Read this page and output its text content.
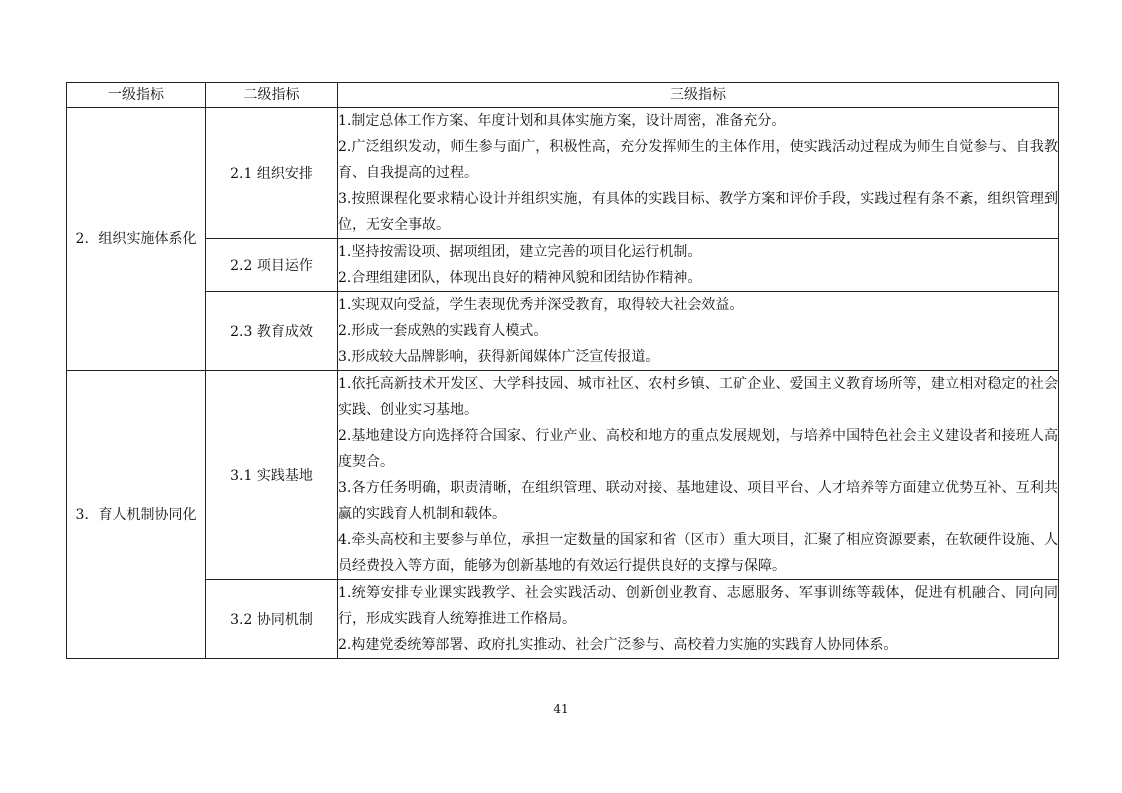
一级指标	二级指标	三级指标
2．组织实施体系化	2.1 组织安排	1.制定总体工作方案、年度计划和具体实施方案，设计周密，准备充分。

2.广泛组织发动，师生参与面广，积极性高，充分发挥师生的主体作用，使实践活动过程成为师生自觉参与、自我教育、自我提高的过程。

3.按照课程化要求精心设计并组织实施，有具体的实践目标、教学方案和评价手段，实践过程有条不紊，组织管理到位，无安全事故。

	2.2 项目运作	1.坚持按需设项、据项组团，建立完善的项目化运行机制。

2.合理组建团队，体现出良好的精神风貌和团结协作精神。

	2.3 教育成效	1.实现双向受益，学生表现优秀并深受教育，取得较大社会效益。

2.形成一套成熟的实践育人模式。

3.形成较大品牌影响，获得新闻媒体广泛宣传报道。

3．育人机制协同化	3.1 实践基地	1.依托高新技术开发区、大学科技园、城市社区、农村乡镇、工矿企业、爱国主义教育场所等，建立相对稳定的社会实践、创业实习基地。

2.基地建设方向选择符合国家、行业产业、高校和地方的重点发展规划，与培养中国特色社会主义建设者和接班人高度契合。

3.各方任务明确，职责清晰，在组织管理、联动对接、基地建设、项目平台、人才培养等方面建立优势互补、互利共赢的实践育人机制和载体。

4.牵头高校和主要参与单位，承担一定数量的国家和省（区市）重大项目，汇聚了相应资源要素，在软硬件设施、人员经费投入等方面，能够为创新基地的有效运行提供良好的支撑与保障。

	3.2 协同机制	1.统筹安排专业课实践教学、社会实践活动、创新创业教育、志愿服务、军事训练等载体，促进有机融合、同向同行，形成实践育人统筹推进工作格局。

2.构建党委统筹部署、政府扎实推动、社会广泛参与、高校着力实施的实践育人协同体系。

41
